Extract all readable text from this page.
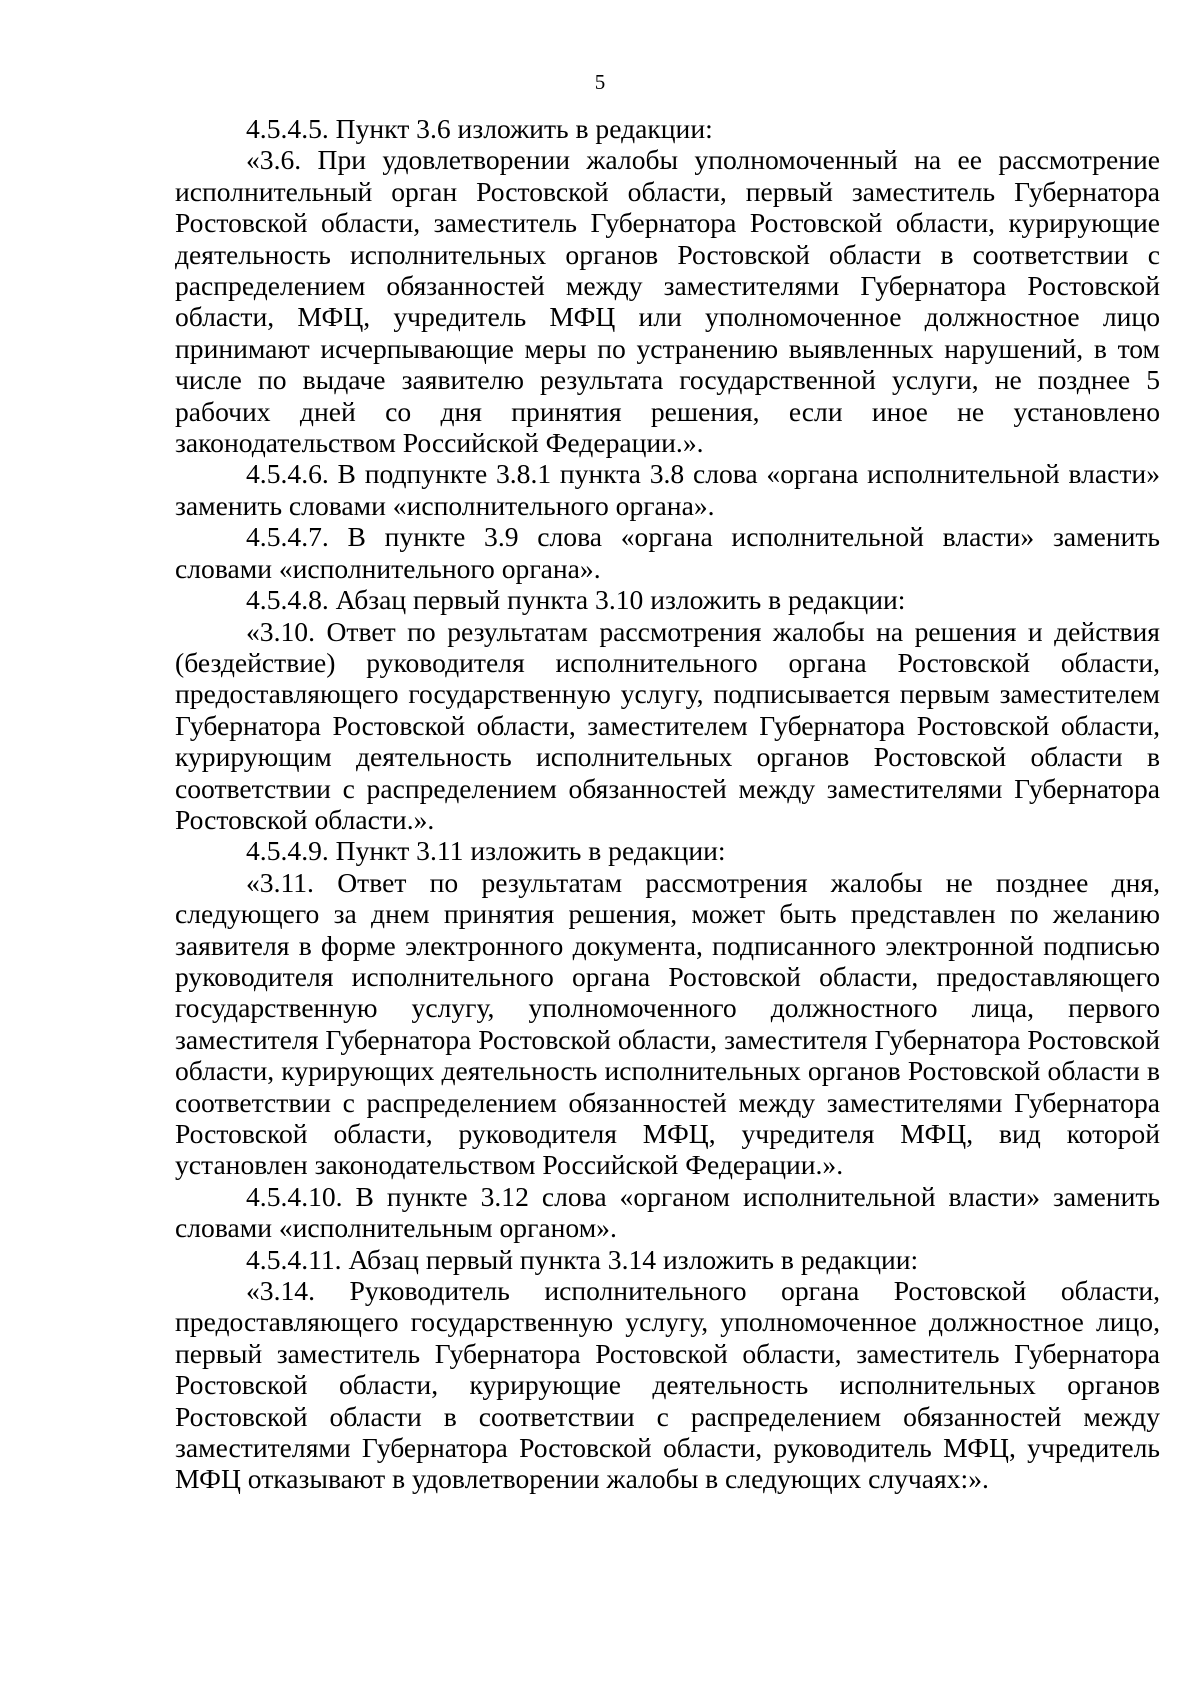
5

4.5.4.5. Пункт 3.6 изложить в редакции:

«3.6. При удовлетворении жалобы уполномоченный на ее рассмотрение исполнительный орган Ростовской области, первый заместитель Губернатора Ростовской области, заместитель Губернатора Ростовской области, курирующие деятельность исполнительных органов Ростовской области в соответствии с распределением обязанностей между заместителями Губернатора Ростовской области, МФЦ, учредитель МФЦ или уполномоченное должностное лицо принимают исчерпывающие меры по устранению выявленных нарушений, в том числе по выдаче заявителю результата государственной услуги, не позднее 5 рабочих дней со дня принятия решения, если иное не установлено законодательством Российской Федерации.».

4.5.4.6. В подпункте 3.8.1 пункта 3.8 слова «органа исполнительной власти» заменить словами «исполнительного органа».

4.5.4.7. В пункте 3.9 слова «органа исполнительной власти» заменить словами «исполнительного органа».

4.5.4.8. Абзац первый пункта 3.10 изложить в редакции:

«3.10. Ответ по результатам рассмотрения жалобы на решения и действия (бездействие) руководителя исполнительного органа Ростовской области, предоставляющего государственную услугу, подписывается первым заместителем Губернатора Ростовской области, заместителем Губернатора Ростовской области, курирующим деятельность исполнительных органов Ростовской области в соответствии с распределением обязанностей между заместителями Губернатора Ростовской области.».

4.5.4.9. Пункт 3.11 изложить в редакции:

«3.11. Ответ по результатам рассмотрения жалобы не позднее дня, следующего за днем принятия решения, может быть представлен по желанию заявителя в форме электронного документа, подписанного электронной подписью руководителя исполнительного органа Ростовской области, предоставляющего государственную услугу, уполномоченного должностного лица, первого заместителя Губернатора Ростовской области, заместителя Губернатора Ростовской области, курирующих деятельность исполнительных органов Ростовской области в соответствии с распределением обязанностей между заместителями Губернатора Ростовской области, руководителя МФЦ, учредителя МФЦ, вид которой установлен законодательством Российской Федерации.».

4.5.4.10. В пункте 3.12 слова «органом исполнительной власти» заменить словами «исполнительным органом».

4.5.4.11. Абзац первый пункта 3.14 изложить в редакции:

«3.14. Руководитель исполнительного органа Ростовской области, предоставляющего государственную услугу, уполномоченное должностное лицо, первый заместитель Губернатора Ростовской области, заместитель Губернатора Ростовской области, курирующие деятельность исполнительных органов Ростовской области в соответствии с распределением обязанностей между заместителями Губернатора Ростовской области, руководитель МФЦ, учредитель МФЦ отказывают в удовлетворении жалобы в следующих случаях:».
